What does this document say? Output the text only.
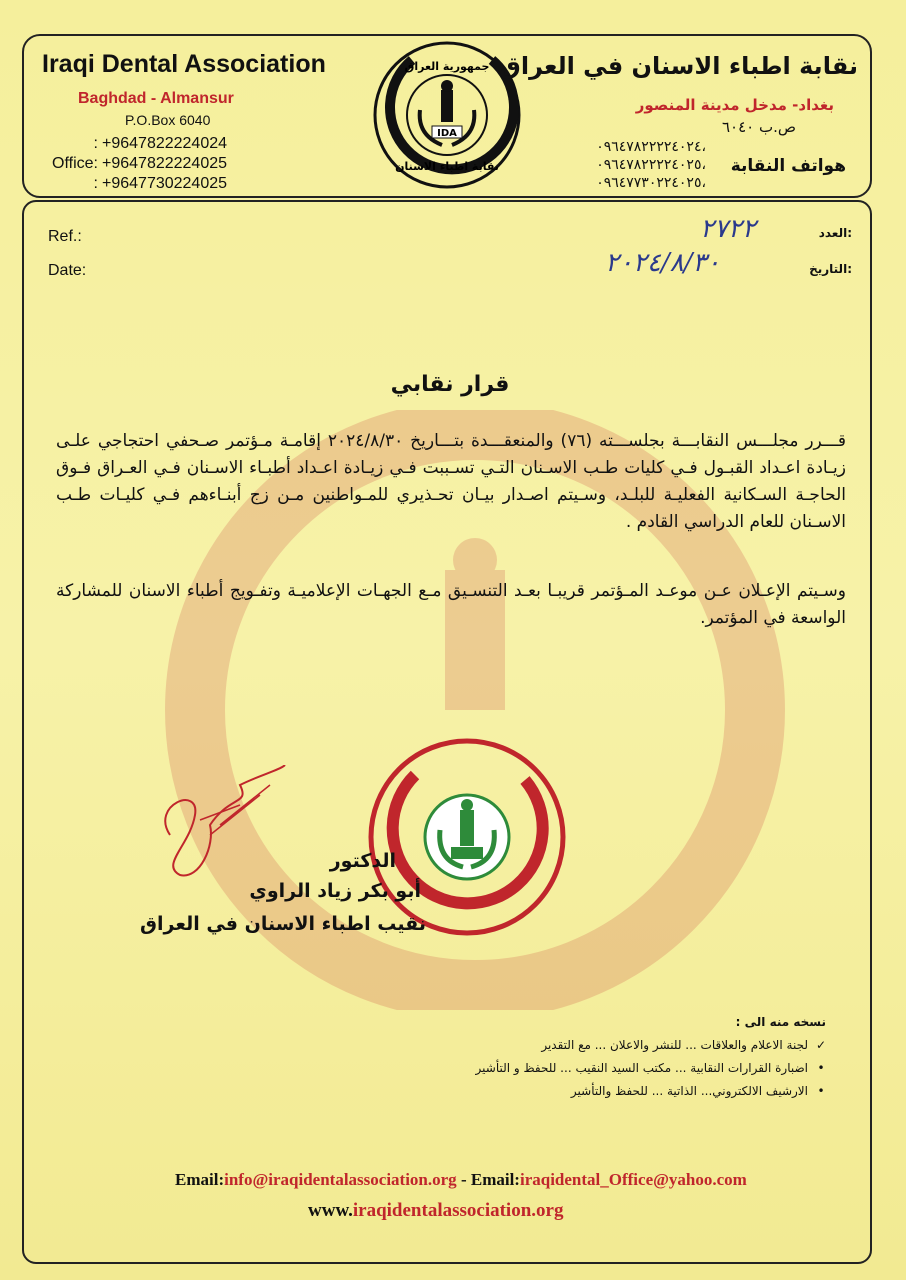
Iraqi Dental Association
Baghdad - Almansur
P.O.Box 6040
: +9647822224024
Office: +9647822224025
: +9647730224025
IDA
جمهورية العراق
نقابة اطباء الاسنان
نقابة اطباء الاسنان في العراق
بغداد- مدخل مدينة المنصور
ص.ب ٦٠٤٠
٠٩٦٤٧٨٢٢٢٢٤٠٢٤،
٠٩٦٤٧٨٢٢٢٢٤٠٢٥،
٠٩٦٤٧٧٣٠٢٢٤٠٢٥،
هواتف النقابة
Ref.:
Date:
العدد:
التاريخ:
٢٧٢٢
٢٠٢٤/٨/٣٠
قرار نقابي
قـــرر مجلـــس النقابـــة بجلســـته (٧٦) والمنعقـــدة بتـــاريخ ٢٠٢٤/٨/٣٠ إقامـة مـؤتمر صـحفي احتجاجي علـى زيـادة اعـداد القبـول فـي كليات طـب الاسـنان التـي تسـببت فـي زيـادة اعـداد أطبـاء الاسـنان فـي العـراق فـوق الحاجـة السـكانية الفعليـة للبلـد، وسـيتم اصـدار بيـان تحـذيري للمـواطنين مـن زج أبنـاءهم فـي كليـات طـب الاسـنان للعام الدراسي القادم .
وسـيتم الإعـلان عـن موعـد المـؤتمر قريبـا بعـد التنسـيق مـع الجهـات الإعلاميـة وتفـويج أطباء الاسنان للمشاركة الواسعة في المؤتمر.
الدكتور
أبو بكر زياد الراوي
نقيب اطباء الاسنان في العراق
نسخه منه الى :
✓
لجنة الاعلام والعلاقات ... للنشر والاعلان ... مع التقدير
•
اضبارة القرارات النقابية ... مكتب السيد النقيب ... للحفظ و التأشير
•
الارشيف الالكتروني... الذاتية ... للحفظ والتأشير
Email:info@iraqidentalassociation.org - Email:iraqidental_Office@yahoo.com
www.iraqidentalassociation.org
